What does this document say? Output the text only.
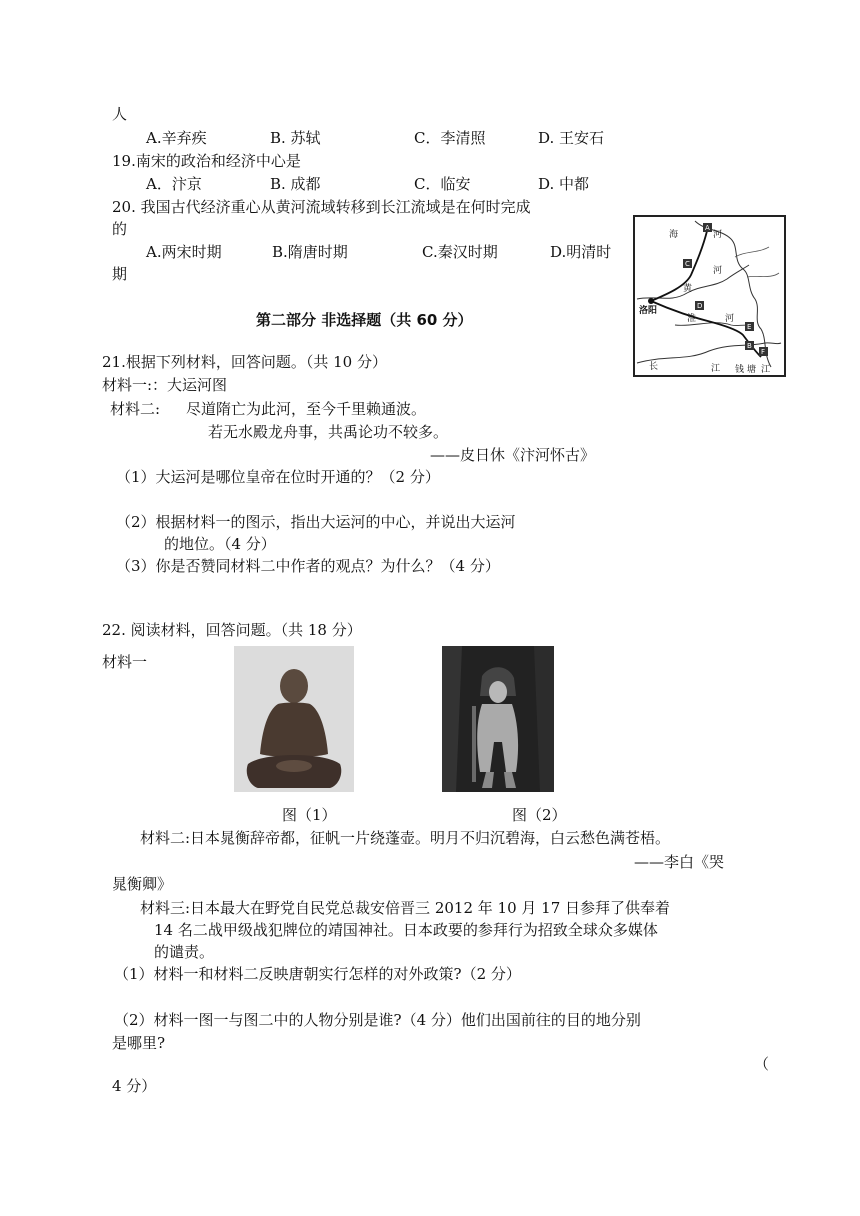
人
A.辛弃疾	B. 苏轼	C．李清照	D. 王安石
19.南宋的政治和经济中心是
A．汴京	B. 成都	C．临安	D. 中都
20. 我国古代经济重心从黄河流域转移到长江流域是在何时完成
的
A.两宋时期	B.隋唐时期	C.秦汉时期	D.明清时
期
A
C
D
E
B
F
海	河
黄
河
淮	河
长	江 钱 塘 江
洛阳
第二部分 非选择题（共 60 分）
21.根据下列材料，回答问题。（共 10 分）
材料一:：大运河图
材料二: 尽道隋亡为此河，至今千里赖通波。
若无水殿龙舟事，共禹论功不较多。
——皮日休《汴河怀古》
（1）大运河是哪位皇帝在位时开通的？（2 分）
（2）根据材料一的图示，指出大运河的中心，并说出大运河
的地位。（4 分）
（3）你是否赞同材料二中作者的观点？为什么？（4 分）
22. 阅读材料，回答问题。（共 18 分）
材料一
图（1）	图（2）
材料二:日本晁衡辞帝都，征帆一片绕蓬壶。明月不归沉碧海，白云愁色满苍梧。
——李白《哭
晁衡卿》
材料三:日本最大在野党自民党总裁安倍晋三 2012 年 10 月 17 日参拜了供奉着
14 名二战甲级战犯牌位的靖国神社。日本政要的参拜行为招致全球众多媒体
的谴责。
（1）材料一和材料二反映唐朝实行怎样的对外政策?（2 分）
（2）材料一图一与图二中的人物分别是谁?（4 分）他们出国前往的目的地分别
是哪里?
（
4 分）
